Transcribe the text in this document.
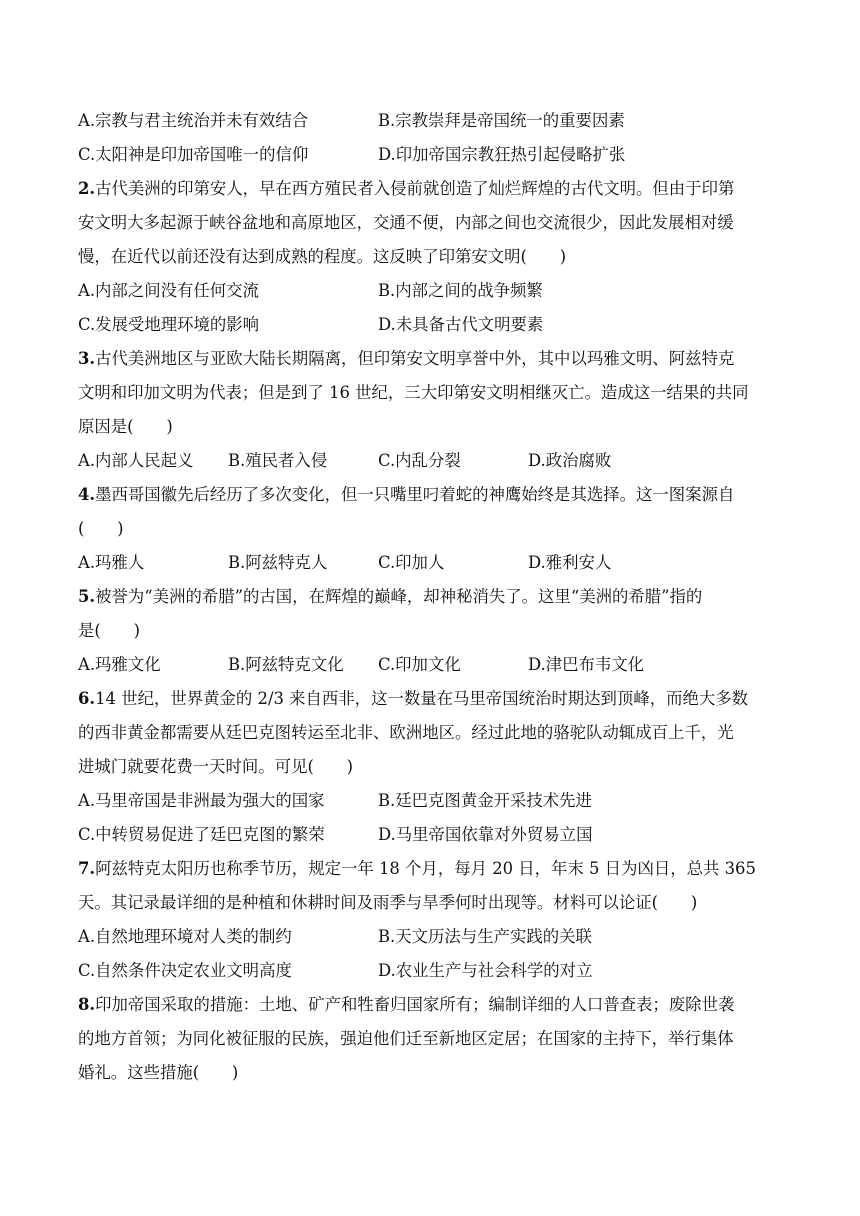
A.宗教与君主统治并未有效结合	B.宗教崇拜是帝国统一的重要因素
C.太阳神是印加帝国唯一的信仰	D.印加帝国宗教狂热引起侵略扩张
2.古代美洲的印第安人，早在西方殖民者入侵前就创造了灿烂辉煌的古代文明。但由于印第
安文明大多起源于峡谷盆地和高原地区，交通不便，内部之间也交流很少，因此发展相对缓
慢，在近代以前还没有达到成熟的程度。这反映了印第安文明(　　)
A.内部之间没有任何交流	B.内部之间的战争频繁
C.发展受地理环境的影响	D.未具备古代文明要素
3.古代美洲地区与亚欧大陆长期隔离，但印第安文明享誉中外，其中以玛雅文明、阿兹特克
文明和印加文明为代表；但是到了 16 世纪，三大印第安文明相继灭亡。造成这一结果的共同
原因是(　　)
A.内部人民起义 B.殖民者入侵	C.内乱分裂	D.政治腐败
4.墨西哥国徽先后经历了多次变化，但一只嘴里叼着蛇的神鹰始终是其选择。这一图案源自
(　　)
A.玛雅人	B.阿兹特克人	C.印加人	D.雅利安人
5.被誉为“美洲的希腊”的古国，在辉煌的巅峰，却神秘消失了。这里“美洲的希腊”指的
是(　　)
A.玛雅文化	B.阿兹特克文化 C.印加文化	D.津巴布韦文化
6.14 世纪，世界黄金的 2/3 来自西非，这一数量在马里帝国统治时期达到顶峰，而绝大多数
的西非黄金都需要从廷巴克图转运至北非、欧洲地区。经过此地的骆驼队动辄成百上千，光
进城门就要花费一天时间。可见(　　)
A.马里帝国是非洲最为强大的国家	B.廷巴克图黄金开采技术先进
C.中转贸易促进了廷巴克图的繁荣	D.马里帝国依靠对外贸易立国
7.阿兹特克太阳历也称季节历，规定一年 18 个月，每月 20 日，年末 5 日为凶日，总共 365
天。其记录最详细的是种植和休耕时间及雨季与旱季何时出现等。材料可以论证(　　)
A.自然地理环境对人类的制约	B.天文历法与生产实践的关联
C.自然条件决定农业文明高度	D.农业生产与社会科学的对立
8.印加帝国采取的措施：土地、矿产和牲畜归国家所有；编制详细的人口普查表；废除世袭
的地方首领；为同化被征服的民族，强迫他们迁至新地区定居；在国家的主持下，举行集体
婚礼。这些措施(　　)
